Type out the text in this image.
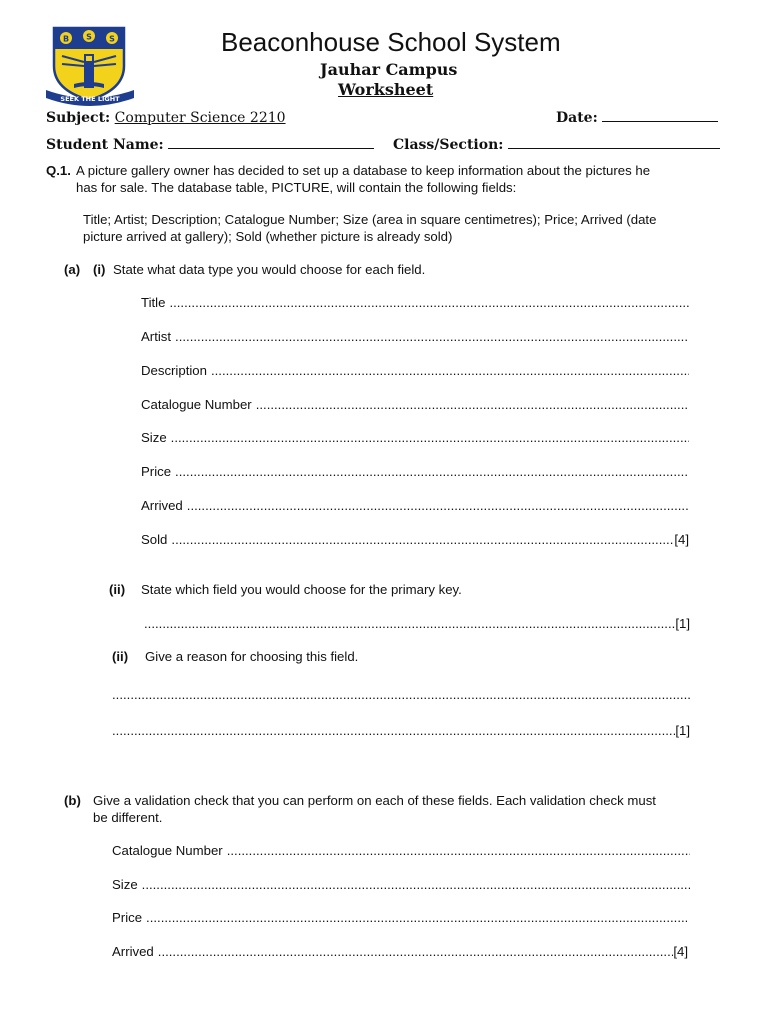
B S S
SEEK THE LIGHT
Beaconhouse School System
Jauhar Campus
Worksheet
Subject: Computer Science 2210	Date:
Student Name:	Class/Section:
Q.1. A picture gallery owner has decided to set up a database to keep information about the pictures he
has for sale. The database table, PICTURE, will contain the following fields:
Title; Artist; Description; Catalogue Number; Size (area in square centimetres); Price; Arrived (date
picture arrived at gallery); Sold (whether picture is already sold)
(a) (i) State what data type you would choose for each field.
Title
.....
Artist
.....
Description
.....
Catalogue Number
.....
Size
.....
Price
.....
Arrived
.....
Sold .....	[4]
(ii) State which field you would choose for the primary key.
.....
[1]
(ii) Give a reason for choosing this field.
.....
.....
[1]
(b) Give a validation check that you can perform on each of these fields. Each validation check must
be different.
Catalogue Number
.....
Size
.....
Price
.....
Arrived .....	[4]
